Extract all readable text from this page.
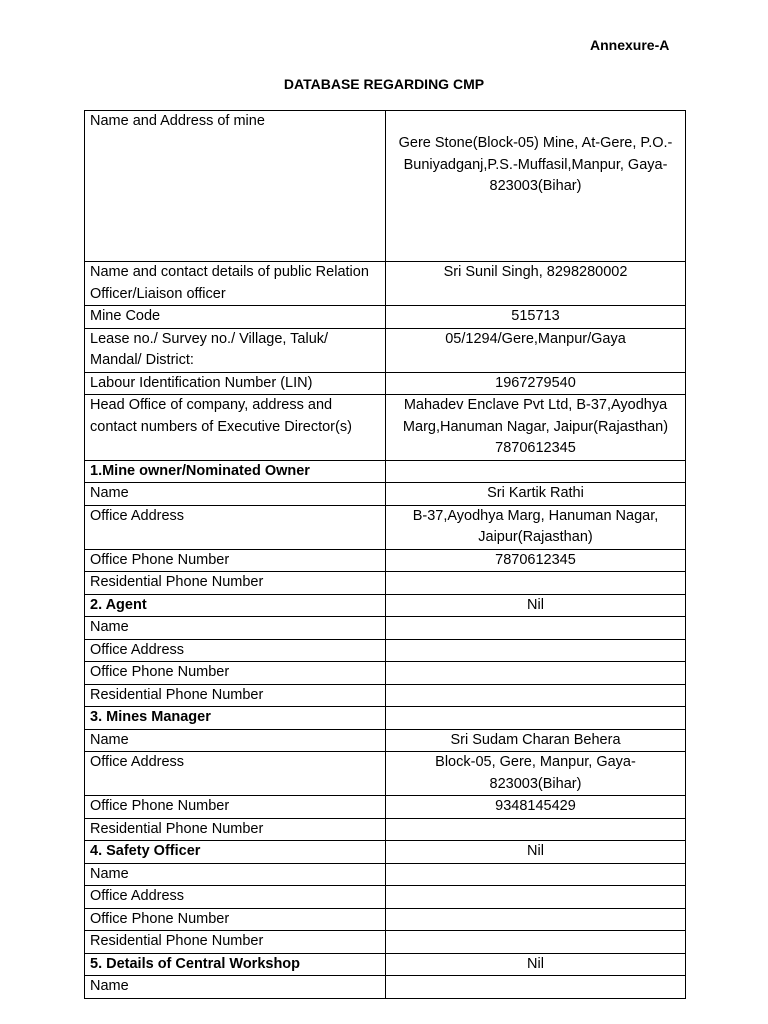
Annexure-A
DATABASE REGARDING CMP
Name and Address of mine	Gere Stone(Block-05) Mine, At-Gere, P.O.- Buniyadganj,P.S.-Muffasil,Manpur, Gaya-823003(Bihar)
Name and contact details of public Relation Officer/Liaison officer	Sri Sunil Singh, 8298280002
Mine Code	515713
Lease no./ Survey no./ Village, Taluk/ Mandal/ District:	05/1294/Gere,Manpur/Gaya
Labour Identification Number (LIN)	1967279540
Head Office of company, address and contact numbers of Executive Director(s)	Mahadev Enclave Pvt Ltd, B-37,Ayodhya Marg,Hanuman Nagar, Jaipur(Rajasthan) 7870612345
1.Mine owner/Nominated Owner	
Name	Sri Kartik Rathi
Office Address	B-37,Ayodhya Marg, Hanuman Nagar, Jaipur(Rajasthan)
Office Phone Number	7870612345
Residential Phone Number	
2. Agent	Nil
Name	
Office Address	
Office Phone Number	
Residential Phone Number	
3. Mines Manager	
Name	Sri Sudam Charan Behera
Office Address	Block-05, Gere, Manpur, Gaya-823003(Bihar)
Office Phone Number	9348145429
Residential Phone Number	
4. Safety Officer	Nil
Name	
Office Address	
Office Phone Number	
Residential Phone Number	
5. Details of Central Workshop	Nil
Name	
